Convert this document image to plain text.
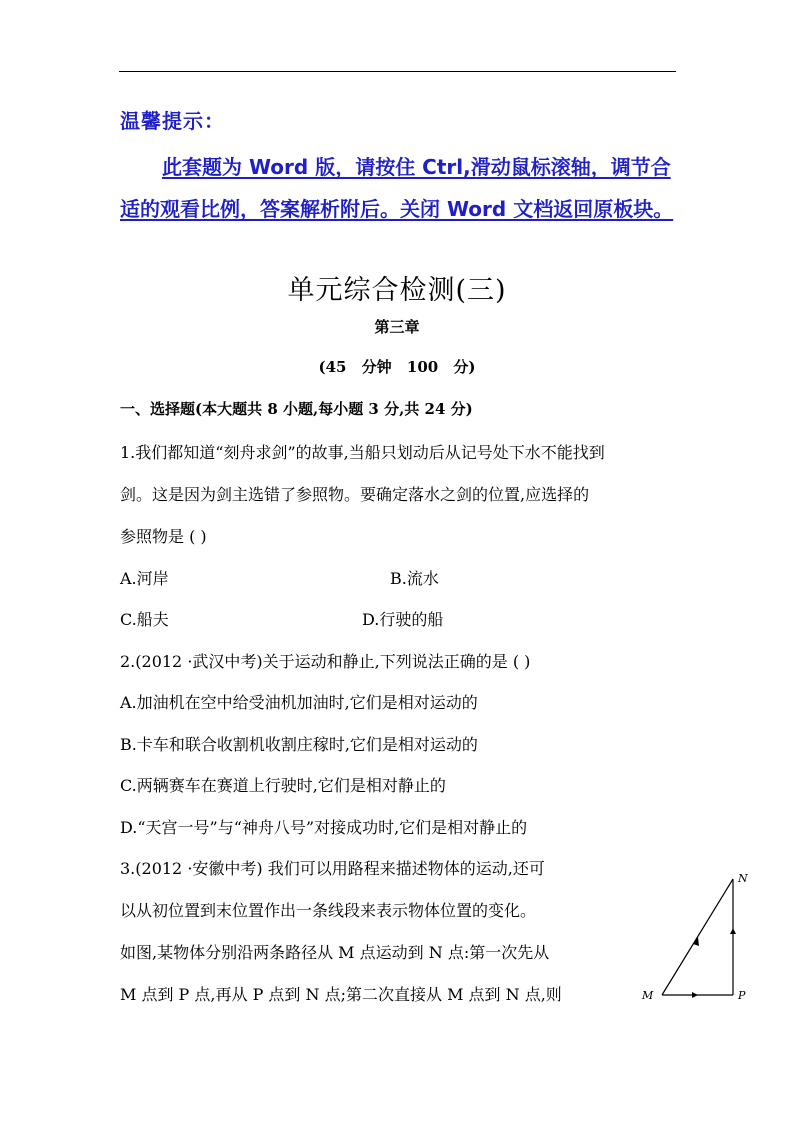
温馨提示：
此套题为 Word 版，请按住 Ctrl,滑动鼠标滚轴，调节合适的观看比例，答案解析附后。关闭 Word 文档返回原板块。
单元综合检测(三)
第三章
(45 分钟 100 分)
一、选择题(本大题共 8 小题,每小题 3 分,共 24 分)
1.我们都知道“刻舟求剑”的故事,当船只划动后从记号处下水不能找到
剑。这是因为剑主选错了参照物。要确定落水之剑的位置,应选择的
参照物是 ( )
A.河岸	B.流水
C.船夫	D.行驶的船
2.(2012 ·武汉中考)关于运动和静止,下列说法正确的是 ( )
A.加油机在空中给受油机加油时,它们是相对运动的
B.卡车和联合收割机收割庄稼时,它们是相对运动的
C.两辆赛车在赛道上行驶时,它们是相对静止的
D.“天宫一号”与“神舟八号”对接成功时,它们是相对静止的
3.(2012 ·安徽中考) 我们可以用路程来描述物体的运动,还可
以从初位置到末位置作出一条线段来表示物体位置的变化。
如图,某物体分别沿两条路径从 M 点运动到 N 点:第一次先从
M 点到 P 点,再从 P 点到 N 点;第二次直接从 M 点到 N 点,则
N
M	P
